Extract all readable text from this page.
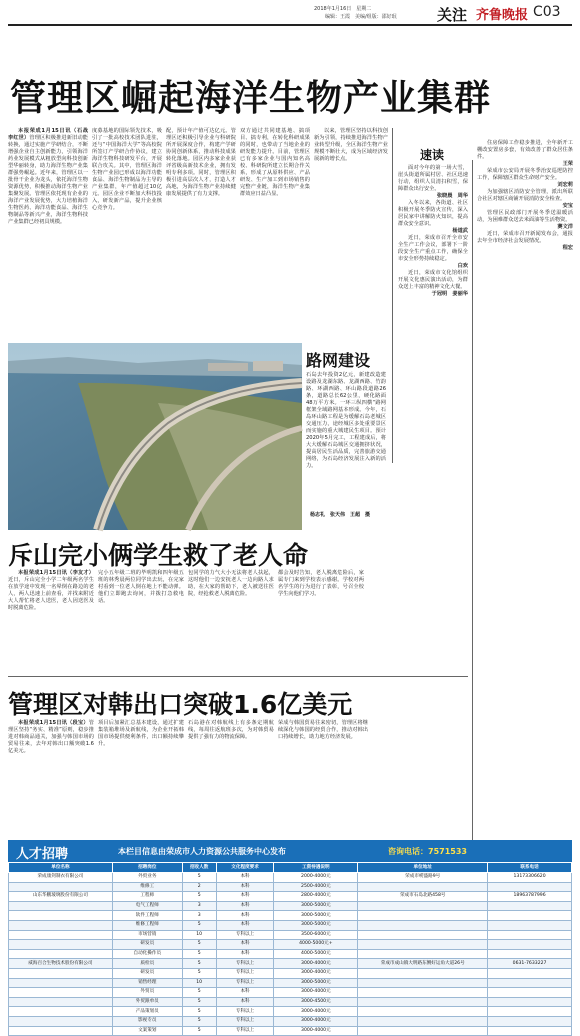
2018年1月16日　星期二
编辑：王霞　美编/组版：邵好珉	关注 齐鲁晚报 C03
管理区崛起海洋生物产业集群

本报荣成1月15日讯（石战　李红世）管理区积极推进新旧动能转换，通过实施产学研结合，不断增强企业自主创新能力，引领海洋药业发展模式从粗放型向科技创新型华丽转身，助力海洋生物产业集群强势崛起。近年来，管理区以一批骨干企业为龙头，依托海洋生物资源优势，积极推动海洋生物产业集聚发展。管理区依托现有企业的海洋产业发展优势，大力培植海洋生物医药、海洋功能食品、海洋生物制品等新兴产业，海洋生物科技产业集群已经初具规模。

度募基地的国际领先技术，吸引了一批高校技术团队进驻，还与“中国海洋大学”等高校院所签订产学研合作协议，建立海洋生物科技研发平台，开展联合攻关。其中，管理区海洋生物产业园已形成以海洋功能食品、海洋生物制品为主导的产业集群，年产值超过10亿元。园区企业不断加大科技投入，研发新产品，提升企业核心竞争力。
配，预计年产值可达亿元。管理区还积极引导企业与科研院所开展深度合作，构建产学研协同创新体系，推动科技成果转化落地。园区内多家企业获评省级高新技术企业，拥有发明专利多项。同时，管理区积极引进高层次人才，打造人才高地，为海洋生物产业持续健康发展提供了有力支撑。
双方通过共同建基地、搞项目、搞专利，在转化科研成果的同时，也带动了当地企业的研发能力提升。目前，管理区已有多家企业与国内知名高校、科研院所建立长期合作关系，形成了从原料供应、产品研发、生产加工到市场销售的完整产业链，海洋生物产业集群效应日益凸显。

以来，管理区坚持以科技创新为引领，持续推进海洋生物产业转型升级，全区海洋生物产业规模不断壮大，成为区域经济发展新的增长点。	速读

面对今年的第一场大雪，崖头街道所属村居、社区迅速行动，组织人员清扫积雪，保障群众出行安全。

张晓晨　周华

入冬以来，各街道、社区积极开展冬季防火宣传，深入居民家中讲解防火知识，提高群众安全意识。

杨道武

近日，荣成市召开全市安全生产工作会议，部署下一阶段安全生产重点工作，确保全市安全形势持续稳定。

白欢

近日，荣成市文化馆组织开展文化惠民演出活动，为群众送上丰富的精神文化大餐。

于冠明　姜丽华

住房保障工作稳步推进，全年新开工棚改安置房多套，有效改善了群众居住条件。

王荣

荣成市公安局开展冬季治安巡逻防控工作，保障辖区群众生命财产安全。

刘宏莉

为加强辖区消防安全管理，派出所联合社区对辖区商铺开展消防安全检查。

安宝

管理区民政部门开展冬季送温暖活动，为困难群众送去米面油等生活物资。

赛文洋

近日，荣成市召开新闻发布会，通报去年全市经济社会发展情况。

程宏
路网建设
石岛去年投资2亿元，新建改造建设路及龙湖东路、龙湖西路、竹韵路、环湖西路、环山路段道路26条，道路总长62公里，硬化路面48万平方米。一环三纵四横“路网框架全域路网基本形成。今年，石岛环山路工程是为缓解石岛老城区交通压力，途经城区多处重要景区而实施的重大城建民生项目。预计2020年5月完工，工程建成后，将大大缓解石岛城区交通拥挤状况，提高居民生活品质，完善旅游交通网络，为石岛经济发展注入新的活力。
杨志礼　张天伟　王超　摄
斥山完小俩学生救了老人命

本报荣成1月15日讯（李友才）近日，斥山完全小学二年级两名学生在放学途中发现一名晕倒在路边的老人，两人迅速上前查看，并找来附近大人帮忙将老人送医，老人因送医及时脱离危险。

完小五年级二班的毕明凯和四年级五班的林秀晨两位同学出去玩，在完家村看到一位老人倒在地上不能动弹。他们立即跑去询问，并拨打急救电话。
包同学的力气大小无法将老人扶起，这时他们一边安抚老人一边向路人求助，在大家的帮助下，老人被送往医院，经抢救老人脱离危险。
都会及时告知，老人脱离危险后，家属专门来到学校表示感谢。学校对两名学生的行为进行了表彰，号召全校学生向他们学习。
管理区对韩出口突破1.6亿美元

本报荣成1月15日讯（段宝）管理区坚持“务实、精准”原则，稳步推进对韩商品通关，加强与韩国市场的贸易往来，去年对韩出口额突破1.6亿美元。

项目后加紧汇总基本建设，通过扩建集装箱堆场及新航线，为企业开拓韩国市场提供便利条件，出口额持续攀升。
石岛港在对韩航线上有多条定期航线，每周往返航班多次，为对韩贸易提供了强有力的物流保障。
荣成与韩国贸易往来密切，管理区将继续深化与韩国的经贸合作，推动对韩出口持续增长，助力地方经济发展。
人才招聘	本栏目信息由荣成市人力资源公共服务中心发布	咨询电话：7571533
单位名称	招聘岗位	招收人数	文化程度要求	工资待遇说明	单位地址	联系电话
荣成康剑制衣有限公司	外贸业务	5	本科	2000-4000元	荣成市崂盛路9号	13173306620
	维修工	2	本科	2500-4000元		
山东华鹏玻璃股份有限公司	工程师	5	本科	2800-4000元	荣成市石岛北路458号	18963787996
	电气工程师	3	本科	3000-5000元		
	软件工程师	3	本科	3000-5000元		
	维修工程师	5	本科	3000-5000元		
	市场营销	10	专科以上	3500-6000元		
	研发员	5	本科	4000-5000元+		
	自动化操作员	5	本科	4000-5000元		
威海百合生物技术股份有限公司	质检员	5	专科以上	3000-4000元	荣成市成山镇大明路东侧好运角大道26号	0631-7633227
	研发员	5	专科以上	3000-4000元		
	销售经理	10	专科以上	3000-5000元		
	外贸员	5	本科	3000-4000元		
	外贸跟单员	5	本科	3000-4500元		
	产品策划员	5	专科以上	3000-4000元		
	影视专员	5	专科以上	3000-4000元		
	文案策划	5	专科以上	3000-4000元		
